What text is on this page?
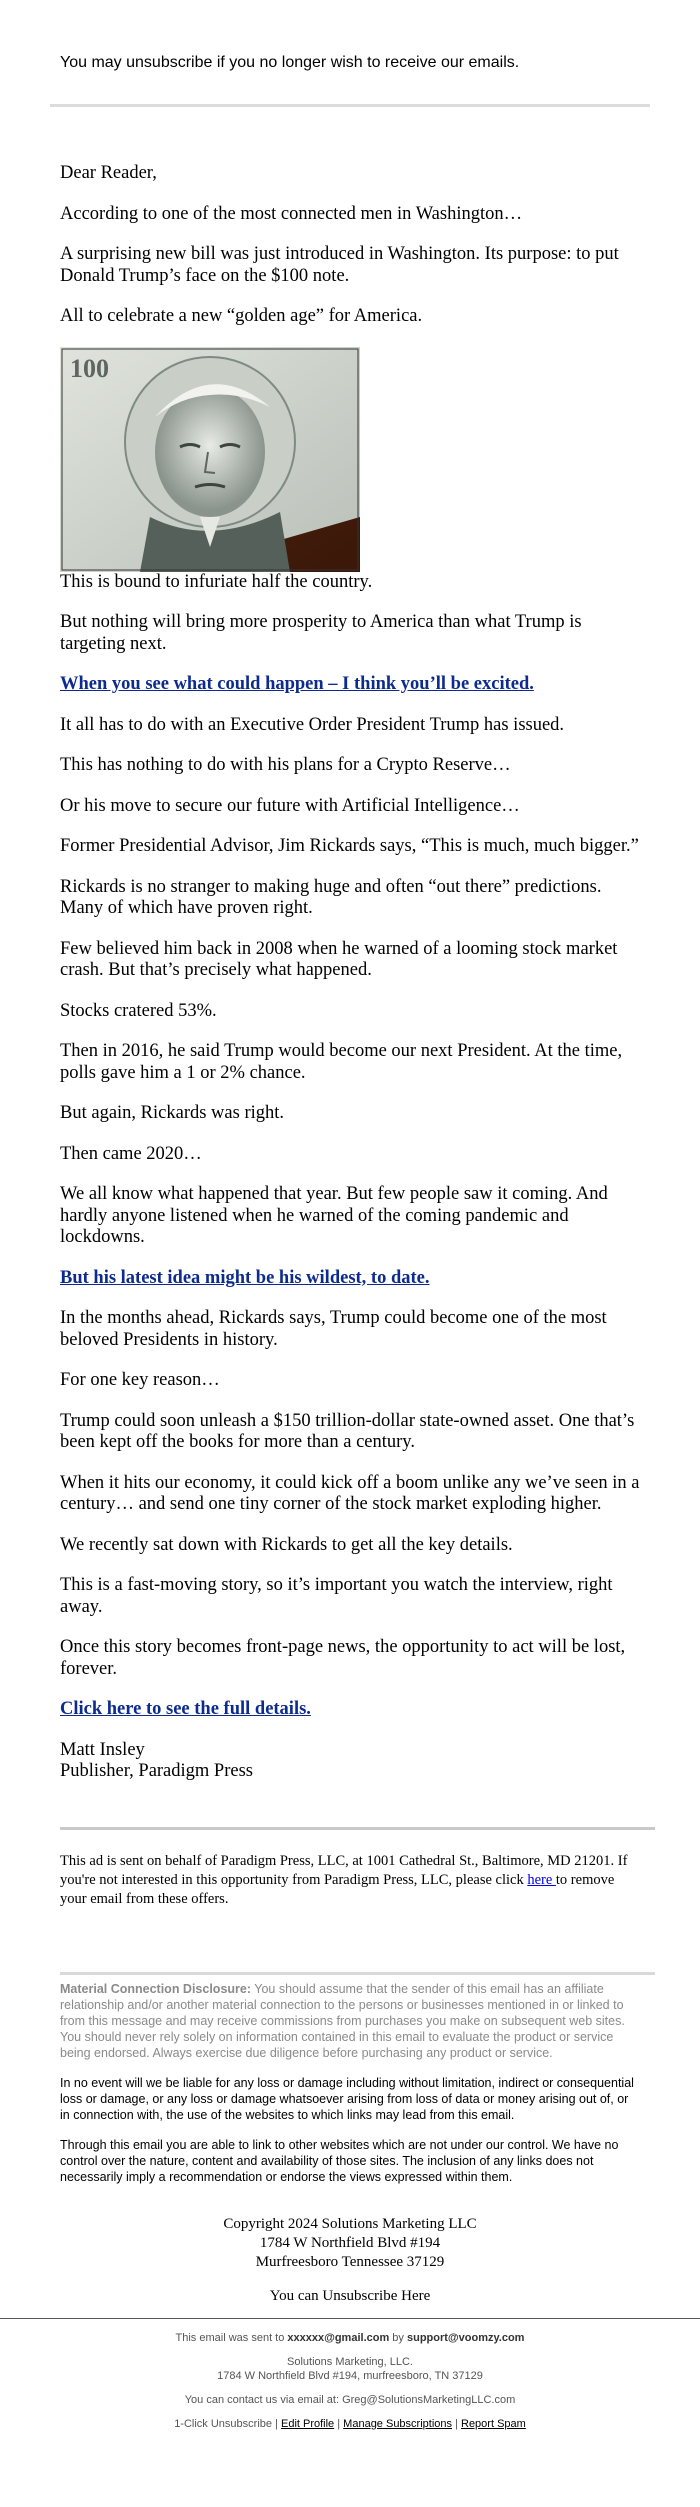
You may unsubscribe if you no longer wish to receive our emails.

Dear Reader,

According to one of the most connected men in Washington…

A surprising new bill was just introduced in Washington. Its purpose: to put Donald Trump’s face on the $100 note.

All to celebrate a new “golden age” for America.

100

This is bound to infuriate half the country.

But nothing will bring more prosperity to America than what Trump is targeting next.

When you see what could happen – I think you’ll be excited.

It all has to do with an Executive Order President Trump has issued.

This has nothing to do with his plans for a Crypto Reserve…

Or his move to secure our future with Artificial Intelligence…

Former Presidential Advisor, Jim Rickards says, “This is much, much bigger.”

Rickards is no stranger to making huge and often “out there” predictions. Many of which have proven right.

Few believed him back in 2008 when he warned of a looming stock market crash. But that’s precisely what happened.

Stocks cratered 53%.

Then in 2016, he said Trump would become our next President. At the time, polls gave him a 1 or 2% chance.

But again, Rickards was right.

Then came 2020…

We all know what happened that year. But few people saw it coming. And hardly anyone listened when he warned of the coming pandemic and lockdowns.

But his latest idea might be his wildest, to date.

In the months ahead, Rickards says, Trump could become one of the most beloved Presidents in history.

For one key reason…

Trump could soon unleash a $150 trillion-dollar state-owned asset. One that’s been kept off the books for more than a century.

When it hits our economy, it could kick off a boom unlike any we’ve seen in a century… and send one tiny corner of the stock market exploding higher.

We recently sat down with Rickards to get all the key details.

This is a fast-moving story, so it’s important you watch the interview, right away.

Once this story becomes front-page news, the opportunity to act will be lost, forever.

Click here to see the full details.

Matt Insley
Publisher, Paradigm Press
This ad is sent on behalf of Paradigm Press, LLC, at 1001 Cathedral St., Baltimore, MD 21201. If you're not interested in this opportunity from Paradigm Press, LLC, please click here to remove your email from these offers.

Material Connection Disclosure: You should assume that the sender of this email has an affiliate relationship and/or another material connection to the persons or businesses mentioned in or linked to from this message and may receive commissions from purchases you make on subsequent web sites. You should never rely solely on information contained in this email to evaluate the product or service being endorsed. Always exercise due diligence before purchasing any product or service.

In no event will we be liable for any loss or damage including without limitation, indirect or consequential loss or damage, or any loss or damage whatsoever arising from loss of data or money arising out of, or in connection with, the use of the websites to which links may lead from this email.

Through this email you are able to link to other websites which are not under our control. We have no control over the nature, content and availability of those sites. The inclusion of any links does not necessarily imply a recommendation or endorse the views expressed within them.

Copyright 2024 Solutions Marketing LLC
1784 W Northfield Blvd #194
Murfreesboro Tennessee 37129
You can Unsubscribe Here
This email was sent to xxxxxx@gmail.com by support@voomzy.com
Solutions Marketing, LLC.
1784 W Northfield Blvd #194, murfreesboro, TN 37129
You can contact us via email at: Greg@SolutionsMarketingLLC.com
1-Click Unsubscribe | Edit Profile | Manage Subscriptions | Report Spam
